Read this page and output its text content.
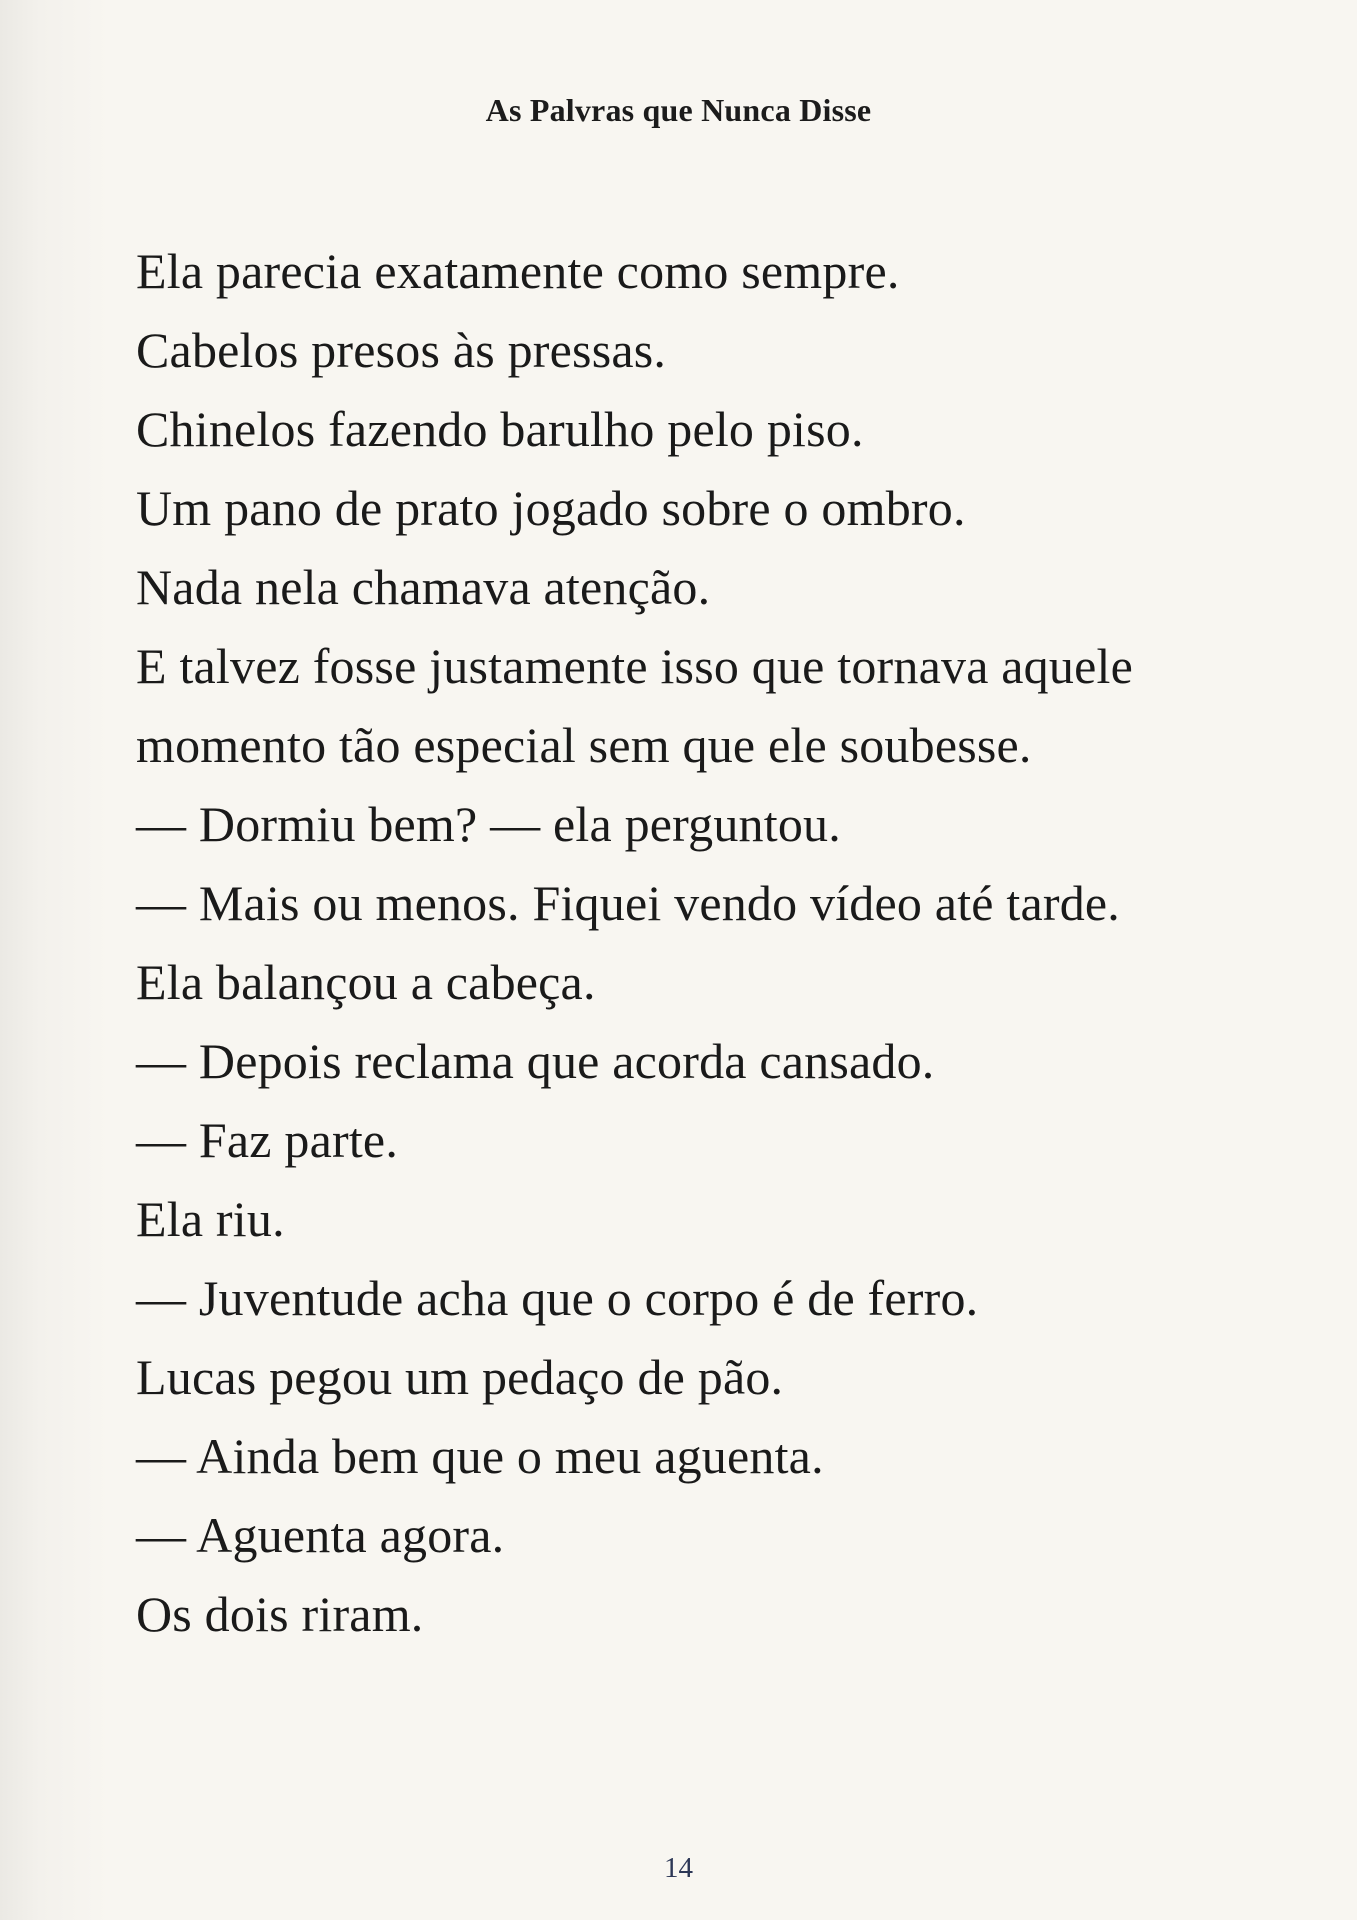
As Palvras que Nunca Disse
Ela parecia exatamente como sempre.
Cabelos presos às pressas.
Chinelos fazendo barulho pelo piso.
Um pano de prato jogado sobre o ombro.
Nada nela chamava atenção.
E talvez fosse justamente isso que tornava aquele
momento tão especial sem que ele soubesse.
— Dormiu bem? — ela perguntou.
— Mais ou menos. Fiquei vendo vídeo até tarde.
Ela balançou a cabeça.
— Depois reclama que acorda cansado.
— Faz parte.
Ela riu.
— Juventude acha que o corpo é de ferro.
Lucas pegou um pedaço de pão.
— Ainda bem que o meu aguenta.
— Aguenta agora.
Os dois riram.
14
